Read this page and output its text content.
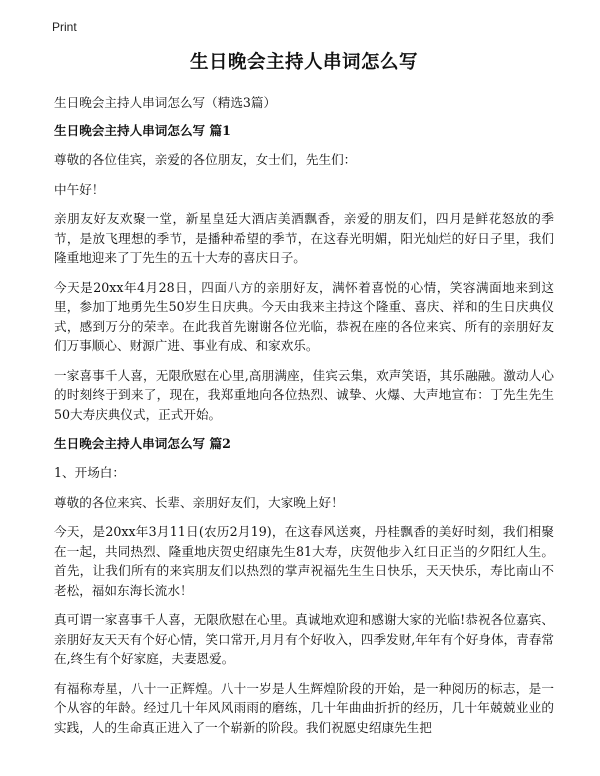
Print
生日晚会主持人串词怎么写

生日晚会主持人串词怎么写（精选3篇）

生日晚会主持人串词怎么写 篇1

尊敬的各位佳宾，亲爱的各位朋友，女士们，先生们：

中午好！

亲朋友好友欢聚一堂，新星皇廷大酒店美酒飘香，亲爱的朋友们，四月是鲜花怒放的季节，是放飞理想的季节，是播种希望的季节，在这春光明媚，阳光灿烂的好日子里，我们隆重地迎来了丁先生的五十大寿的喜庆日子。

今天是20xx年4月28日，四面八方的亲朋好友，满怀着喜悦的心情，笑容满面地来到这里，参加丁地勇先生50岁生日庆典。今天由我来主持这个隆重、喜庆、祥和的生日庆典仪式，感到万分的荣幸。在此我首先谢谢各位光临，恭祝在座的各位来宾、所有的亲朋好友们万事顺心、财源广进、事业有成、和家欢乐。

一家喜事千人喜，无限欣慰在心里,高朋满座，佳宾云集，欢声笑语，其乐融融。激动人心的时刻终于到来了，现在，我郑重地向各位热烈、诚挚、火爆、大声地宣布：丁先生先生50大寿庆典仪式，正式开始。

生日晚会主持人串词怎么写 篇2

1、开场白：

尊敬的各位来宾、长辈、亲朋好友们，大家晚上好！

今天，是20xx年3月11日(农历2月19)，在这春风送爽，丹桂飘香的美好时刻，我们相聚在一起，共同热烈、隆重地庆贺史绍康先生81大寿，庆贺他步入红日正当的夕阳红人生。首先，让我们所有的来宾朋友们以热烈的掌声祝福先生生日快乐，天天快乐，寿比南山不老松，福如东海长流水！

真可谓一家喜事千人喜，无限欣慰在心里。真诚地欢迎和感谢大家的光临!恭祝各位嘉宾、亲朋好友天天有个好心情，笑口常开,月月有个好收入，四季发财,年年有个好身体，青春常在,终生有个好家庭，夫妻恩爱。

有福称寿星，八十一正辉煌。八十一岁是人生辉煌阶段的开始，是一种阅历的标志，是一个从容的年龄。经过几十年风风雨雨的磨练，几十年曲曲折折的经历，几十年兢兢业业的实践，人的生命真正进入了一个崭新的阶段。我们祝愿史绍康先生把
